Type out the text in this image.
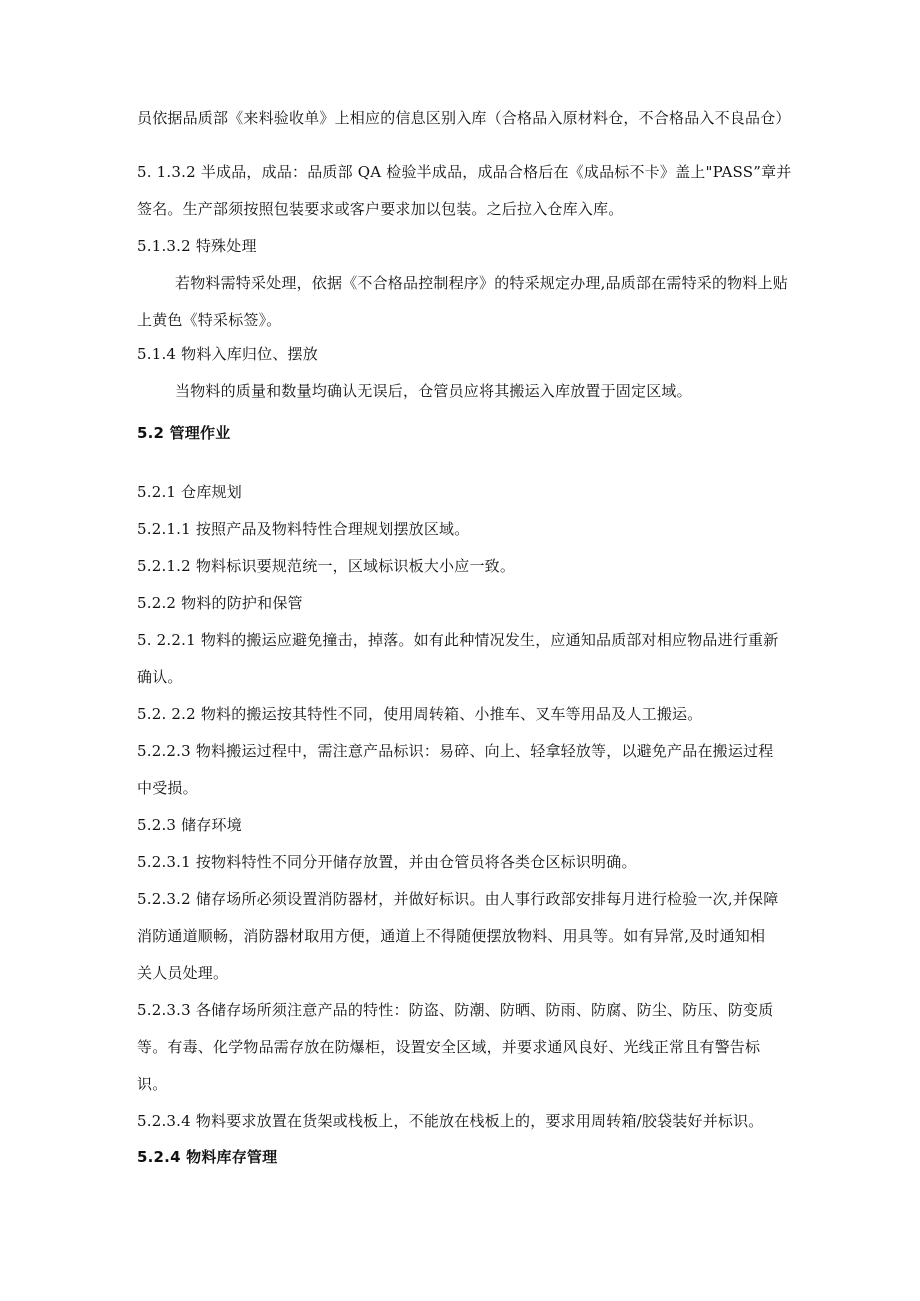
员依据品质部《来料验收单》上相应的信息区别入库（合格品入原材料仓，不合格品入不良品仓）
5. 1.3.2 半成品，成品：品质部 QA 检验半成品，成品合格后在《成品标不卡》盖上"PASS”章并
签名。生产部须按照包装要求或客户要求加以包装。之后拉入仓库入库。
5.1.3.2 特殊处理
若物料需特采处理，依据《不合格品控制程序》的特采规定办理,品质部在需特采的物料上贴
上黄色《特采标签》。
5.1.4 物料入库归位、摆放
当物料的质量和数量均确认无误后，仓管员应将其搬运入库放置于固定区域。
5.2 管理作业
5.2.1 仓库规划
5.2.1.1 按照产品及物料特性合理规划摆放区域。
5.2.1.2 物料标识要规范统一，区域标识板大小应一致。
5.2.2 物料的防护和保管
5. 2.2.1 物料的搬运应避免撞击，掉落。如有此种情况发生，应通知品质部对相应物品进行重新
确认。
5.2. 2.2 物料的搬运按其特性不同，使用周转箱、小推车、叉车等用品及人工搬运。
5.2.2.3 物料搬运过程中，需注意产品标识：易碎、向上、轻拿轻放等，以避免产品在搬运过程
中受损。
5.2.3 储存环境
5.2.3.1 按物料特性不同分开储存放置，并由仓管员将各类仓区标识明确。
5.2.3.2 储存场所必须设置消防器材，并做好标识。由人事行政部安排每月进行检验一次,并保障
消防通道顺畅，消防器材取用方便，通道上不得随便摆放物料、用具等。如有异常,及时通知相
关人员处理。
5.2.3.3 各储存场所须注意产品的特性：防盗、防潮、防晒、防雨、防腐、防尘、防压、防变质
等。有毒、化学物品需存放在防爆柜，设置安全区域，并要求通风良好、光线正常且有警告标
识。
5.2.3.4 物料要求放置在货架或栈板上，不能放在栈板上的，要求用周转箱/胶袋装好并标识。
5.2.4 物料库存管理
